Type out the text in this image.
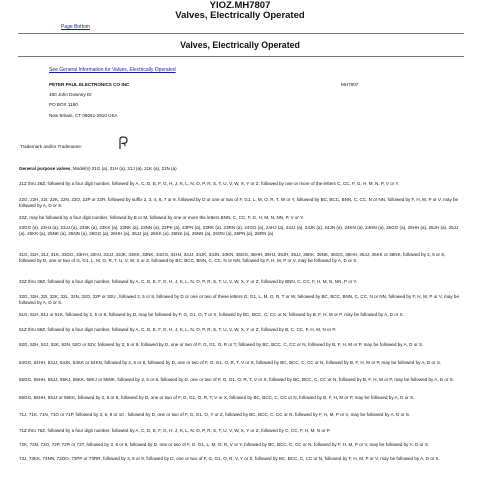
YIOZ.MH7807
Valves, Electrically Operated
Page Bottom
Valves, Electrically Operated
See General Information for Valves, Electrically Operated
PETER PAUL ELECTRONICS CO INC	MH7807
480 John Downey Dr
PO BOX 1180
New Britain, CT 06051-2910 USA
Trademark and/or Tradename:
General purpose valves, Model(s) 21G (a), 21H (a), 21J (a), 21K (a), 21N (a)
21Z thru 26Z, followed by a four digit number, followed by A, C, D, E, F, G, H, J, K, L, N, O, P, R, S, T, U, V, W, X, Y or Z, followed by one or more of the letters C, CC, F, G, H, M, N, P, V or Y.
22G, 22H, 22I, 22K, 22N, 22O, 22P or 22R, followed by suffix 2, 3, 4, 6, 7 or 9, followed by D or one or two of F, G1, L, M, O, R, T, W or Y, followed by BC, BCC, BNN, C, CC, N or NN, followed by F, H, M, P or V, may be followed by A, D or S.
22Z, may be followed by a four digit number, followed by B or M, followed by one or more the letters BNN, C, CC, F, G, H, M, N, NN, P, V or Y.
23GG (a), 23HJ (a), 23JJ (a), 233K (a), 23KK (a), 23NK (a), 23NN (a), 23PK (a), 23PN (a), 23RK (a), 23RN (a), 24GG (a), 24HJ (a), 24JJ (a), 24JK (a), 24JN (a), 24KN (a), 24NN (a), 25GG (a), 25HH (a), 25JH (a), 25JJ (a), 25KK (a), 25NK (a), 25NN (a), 26GG (a), 26HH (a), 26JJ (a), 26KK (a), 26NK (a), 26NN (a), 26ON (a), 26PN (a), 26RN (a)
31G, 31H, 31J, 31K, 33GG, 33HH, 33HJ, 33JJ, 33JK, 33KK, 33NK, 34GG, 34HJ, 34JJ, 34JK, 34JN, 34KN, 35GG, 35HH, 35HJ, 35JH, 35JJ, 35KK, 35NK, 36GG, 36HH, 36JJ, 36KK or 36NK, followed by 2, 5 or 8, followed by D, one or two of G, G1, L, M, O, R, T, U, V, W, X or Z, followed by BC, BCC, BNN, C, CC, N or NN, followed by F, H, M, P or V, may be followed by A, D or S.
32Z thru 36Z, followed by a four digit number, followed by A, C, D, E, F, G, H, J, K, L, N, O, P, R, S, T, U, V, W, X, Y or Z, followed by BNN, C, CC, F, H, M, N, NN, P or Y.
32G, 32H, 32I, 32K, 32L, 32N, 32O, 32P or 32U , followed 2, 5 or 8, followed by D or one or two of these letters G, G1, L, M, O, R, T or W, followed by BC, BCC, BNN, C, CC, N or NN, followed by F, H, M, P or V, may be followed by A, D or S.
51G, 51H, 51J or 51K, followed by 2, 5 or 8, followed by D, may be followed by F, G, G1, O, T or X, followed by BC, BCC, C, CC or N, followed by B, F, H, M or P, may be followed by A, D or S .
51Z thru 56Z, followed by a four digit number, followed by A, C, D, E, F, G, H, J, K, L, N, O, P, R, S, T, U, V, W, X, Y or Z, followed by B, C, CC, F, H, M, N or P.
52G, 52H, 52J, 52K, 52N, 52O or 52V, followed by 2, 5 or 8, followed by D, one or two of F, G, G1, O, R or T, followed by BC, BCC, C, CC or N, followed by B, F, H, M or P, may be followed by A, D or S.
54GG, 54HH, 54JJ, 54JK, 54KK or 54KN, followed by 2, 5 or 8, followed by D, one or two of F, G, G1, O, R, T, V or X, followed by BC, BCC, C, CC or N, followed by B, F, H, M or P, may be followed by A, D or S.
55GG, 55HH, 55JJ, 55KJ, 55KK, 55KJ or 55NK, followed by 2, 5 or 8, followed by D, one or two of F, G, G1, O, R, T, V or X, followed by BC, BCC, C, CC or N, followed by B, F, H, M or P, may be followed by A, D or S.
56GG, 56HH, 56JJ or 56KK, followed by 2, 5 or 8, followed by D, one or two of F, G, G1, O, R, T, V or X, followed by BC, BCC, C, CC or N, followed by B, F, H, M or P, may be followed by A, D or S.
71J, 71K, 71N, 71O or 71P, followed by 3, 6, 9 or 10 , followed by D, one or two of F, G, G1, O, Y or Z, followed by BC, BCC, C, CC or N, followed by F, H, M, P or V, may be followed by A, D or S.
71Z thru 76Z, followed by a four digit number, followed by A, C, D, E, F, G, H, J, K, L, N, O, P, R, S, T, U, V, W, X, Y or Z, followed by C, CC, F, H, M, N or P.
72K, 72N, 72O, 72P, 72R or 72T, followed by 3, 6 or 9, followed by D, one or two of F, G, G1, L, M, O, R, V or Y, followed by BC, BCC, C, CC or N, followed by F, H, M, P or V, may be followed by A, D or S.
73J, 73KK, 73NN, 73OO, 73PP or 73RR, followed by 3, 6 or 9, followed by D, one or two of F, G, G1, O, R, V, Y or Z, followed by BC, BCC, C, CC or N, followed by F, H, M, P or V, may be followed by A, D or S.
